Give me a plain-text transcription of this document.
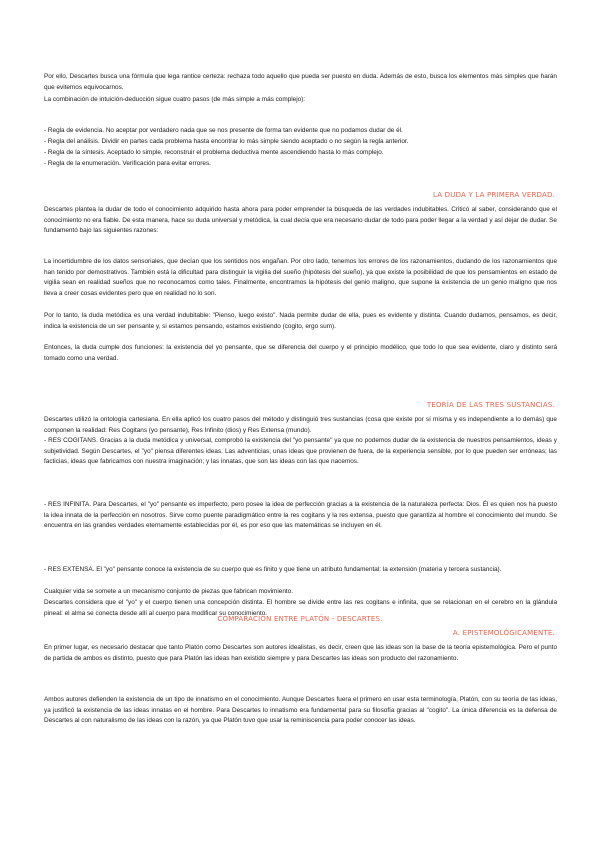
Por ello, Descartes busca una fórmula que lega rantice certeza: rechaza todo aquello que pueda ser puesto en duda. Además de esto, busca los elementos más simples que harán que evitemos equivocarnos.

La combinación de intuición-deducción sigue cuatro pasos (de más simple a más complejo):

- Regla de evidencia. No aceptar por verdadero nada que se nos presente de forma tan evidente que no podamos dudar de él.

- Regla del análisis. Dividir en partes cada problema hasta encontrar lo más simple siendo aceptado o no según la regla anterior.

- Regla de la síntesis. Aceptado lo simple, reconstruir el problema deductiva mente ascendiendo hasta lo más complejo.

- Regla de la enumeración. Verificación para evitar errores.

LA DUDA Y LA PRIMERA VERDAD.

Descartes plantea la dudar de todo el conocimiento adquirido hasta ahora para poder emprender la búsqueda de las verdades indubitables. Criticó al saber, considerando que el conocimiento no era fiable. De esta manera, hace su duda universal y metódica, la cual decía que era necesario dudar de todo para poder llegar a la verdad y así dejar de dudar. Se fundamentó bajo las siguientes razones:

La incertidumbre de los datos sensoriales, que decían que los sentidos nos engañan. Por otro lado, tenemos los errores de los razonamientos, dudando de los razonamientos que han tenido por demostrativos. También está la dificultad para distinguir la vigilia del sueño (hipótesis del sueño), ya que existe la posibilidad de que los pensamientos en estado de vigilia sean en realidad sueños que no reconocamos como tales. Finalmente, encontramos la hipótesis del genio maligno, que supone la existencia de un genio maligno que nos lleva a creer cosas evidentes pero que en realidad no lo son.

Por lo tanto, la duda metódica es una verdad indubitable: "Pienso, luego existo". Nada permite dudar de ella, pues es evidente y distinta. Cuando dudamos, pensamos, es decir, indica la existencia de un ser pensante y, si estamos pensando, estamos existiendo (cogito, ergo sum).

Entonces, la duda cumple dos funciones: la existencia del yo pensante, que se diferencia del cuerpo y el principio modélico, que todo lo que sea evidente, claro y distinto será tomado como una verdad.

TEORÍA DE LAS TRES SUSTANCIAS.

Descartes utilizó la ontología cartesiana. En ella aplicó los cuatro pasos del método y distinguió tres sustancias (cosa que existe por sí misma y es independiente a lo demás) que componen la realidad: Res Cogitans (yo pensante), Res Infinito (dios) y Res Extensa (mundo).

- RES COGITANS. Gracias a la duda metódica y universal, comprobó la existencia del "yo pensante" ya que no podemos dudar de la existencia de nuestros pensamientos, ideas y subjetividad. Según Descartes, el "yo" piensa diferentes ideas. Las adventicias, unas ideas que provienen de fuera, de la experiencia sensible, por lo que pueden ser erróneas; las facticias, ideas que fabricamos con nuestra imaginación; y las innatas, que son las ideas con las que nacemos.

- RES INFINITA. Para Descartes, el "yo" pensante es imperfecto, pero posee la idea de perfección gracias a la existencia de la naturaleza perfecta: Dios. Él es quien nos ha puesto la idea innata de la perfección en nosotros. Sirve como puente paradigmático entre la res cogitans y la res extensa, puesto que garantiza al hombre el conocimiento del mundo. Se encuentra en las grandes verdades eternamente establecidas por él, es por eso que las matemáticas se incluyen en él.

- RES EXTENSA. El "yo" pensante conoce la existencia de su cuerpo que es finito y que tiene un atributo fundamental: la extensión (materia y tercera sustancia).

Cualquier vida se somete a un mecanismo conjunto de piezas que fabrican movimiento.

Descartes considera que el "yo" y el cuerpo tienen una concepción distinta. El hombre se divide entre las res cogitans e infinita, que se relacionan en el cerebro en la glándula pineal: el alma se conecta desde allí al cuerpo para modificar su conocimiento.

COMPARACIÓN ENTRE PLATÓN - DESCARTES.

A. EPISTEMOLÓGICAMENTE.

En primer lugar, es necesario destacar que tanto Platón como Descartes son autores idealistas, es decir, creen que las ideas son la base de la teoría epistemológica. Pero el punto de partida de ambos es distinto, puesto que para Platón las ideas han existido siempre y para Descartes las ideas son producto del razonamiento.

Ambos autores defienden la existencia de un tipo de innatismo en el conocimiento. Aunque Descartes fuera el primero en usar esta terminología, Platón, con su teoría de las ideas, ya justificó la existencia de las ideas innatas en el hombre. Para Descartes lo innatismo era fundamental para su filosofía gracias al "cogito". La única diferencia es la defensa de Descartes al con naturalismo de las ideas con la razón, ya que Platón tuvo que usar la reminiscencia para poder conocer las ideas.
